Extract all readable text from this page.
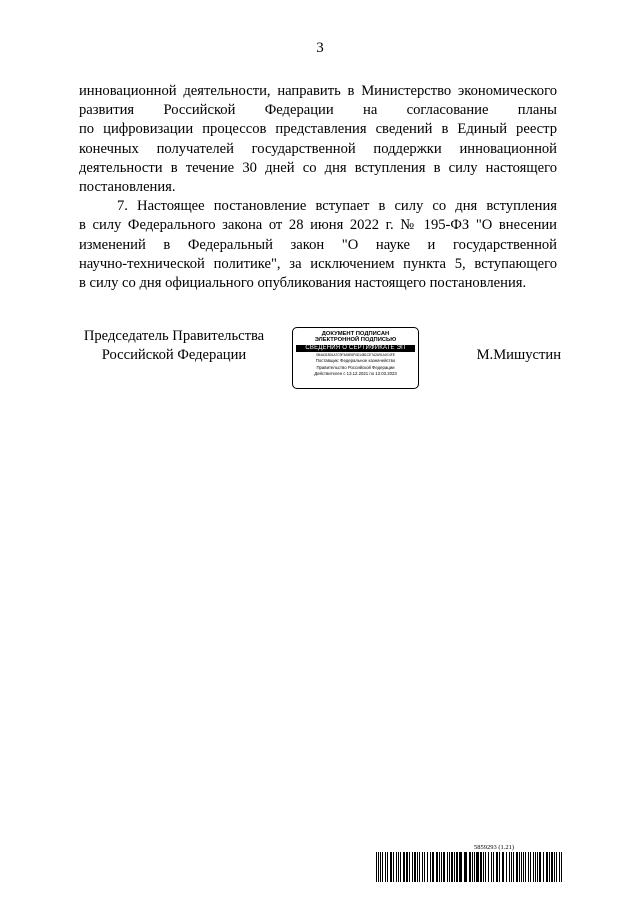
3

инновационной деятельности, направить в Министерство экономического
развития Российской Федерации на согласование планы
по цифровизации процессов представления сведений в Единый реестр
конечных получателей государственной поддержки инновационной
деятельности в течение 30 дней со дня вступления в силу настоящего
постановления.

7. Настоящее постановление вступает в силу со дня вступления
в силу Федерального закона от 28 июня 2022 г. № 195-ФЗ "О внесении
изменений в Федеральный закон "О науке и государственной
научно-технической политике", за исключением пункта 5, вступающего
в силу со дня официального опубликования настоящего постановления.

Председатель Правительства
Российской Федерации
ДОКУМЕНТ ПОДПИСАН
ЭЛЕКТРОННОЙ ПОДПИСЬЮ
СВЕДЕНИЯ О СЕРТИФИКАТЕ ЭП
0B4A31B01A7C9F3A5E6F0D14B1CE7A2A91A0C4FE
Поставщик: Федеральное казначейство
Правительство Российской Федерации
Действителен с 13.12.2021 по 13.03.2023
М.Мишустин
5859293 (1.21)
